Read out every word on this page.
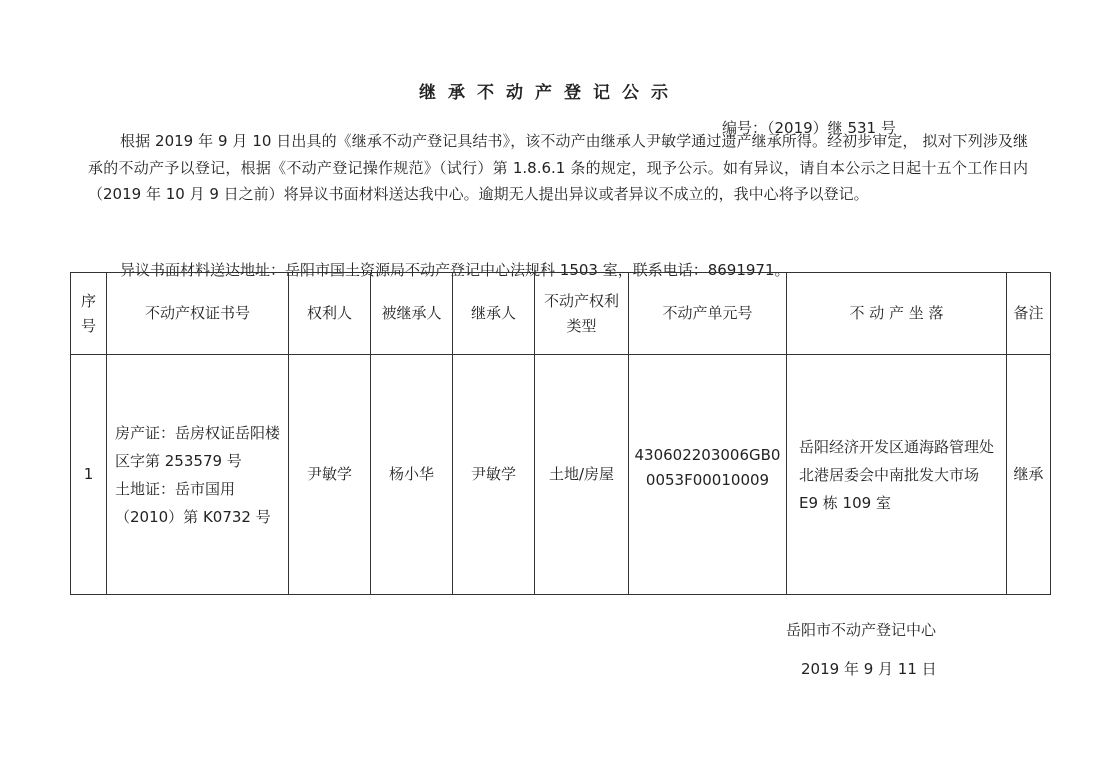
继承不动产登记公示
编号：（2019）继 531 号
根据 2019 年 9 月 10 日出具的《继承不动产登记具结书》，该不动产由继承人尹敏学通过遗产继承所得。经初步审定， 拟对下列涉及继承的不动产予以登记，根据《不动产登记操作规范》（试行）第 1.8.6.1 条的规定，现予公示。如有异议，请自本公示之日起十五个工作日内（2019 年 10 月 9 日之前）将异议书面材料送达我中心。逾期无人提出异议或者异议不成立的，我中心将予以登记。
异议书面材料送达地址：岳阳市国土资源局不动产登记中心法规科 1503 室，联系电话：8691971。
序号	不动产权证书号	权利人	被继承人	继承人	不动产权利类型	不动产单元号	不 动 产 坐 落	备注
1	房产证：岳房权证岳阳楼区字第 253579 号
土地证：岳市国用（2010）第 K0732 号	尹敏学	杨小华	尹敏学	土地/房屋	430602203006GB00053F00010009	岳阳经济开发区通海路管理处北港居委会中南批发大市场 E9 栋 109 室	继承
岳阳市不动产登记中心
2019 年 9 月 11 日
